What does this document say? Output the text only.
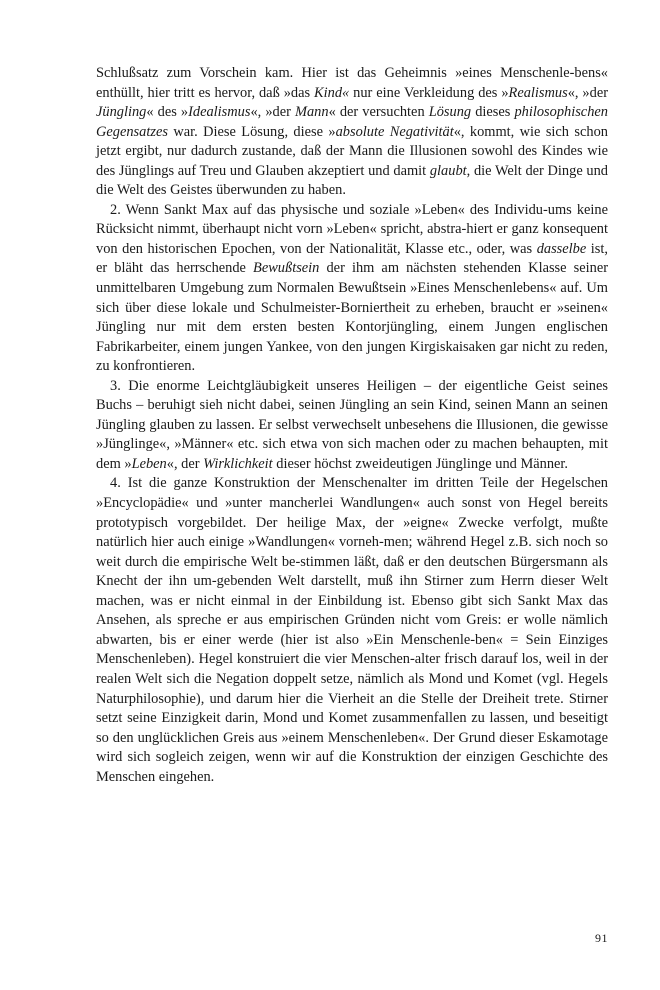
Schlußsatz zum Vorschein kam. Hier ist das Geheimnis »eines Menschenle-bens« enthüllt, hier tritt es hervor, daß »das Kind« nur eine Verkleidung des »Realismus«, »der Jüngling« des »Idealismus«, »der Mann« der versuchten Lösung dieses philosophischen Gegensatzes war. Diese Lösung, diese »absolute Negativität«, kommt, wie sich schon jetzt ergibt, nur dadurch zustande, daß der Mann die Illusionen sowohl des Kindes wie des Jünglings auf Treu und Glauben akzeptiert und damit glaubt, die Welt der Dinge und die Welt des Geistes überwunden zu haben.

2. Wenn Sankt Max auf das physische und soziale »Leben« des Individu-ums keine Rücksicht nimmt, überhaupt nicht vorn »Leben« spricht, abstra-hiert er ganz konsequent von den historischen Epochen, von der Nationalität, Klasse etc., oder, was dasselbe ist, er bläht das herrschende Bewußtsein der ihm am nächsten stehenden Klasse seiner unmittelbaren Umgebung zum Normalen Bewußtsein »Eines Menschenlebens« auf. Um sich über diese lokale und Schulmeister-Borniertheit zu erheben, braucht er »seinen« Jüngling nur mit dem ersten besten Kontorjüngling, einem Jungen englischen Fabrikarbeiter, einem jungen Yankee, von den jungen Kirgiskaisaken gar nicht zu reden, zu konfrontieren.

3. Die enorme Leichtgläubigkeit unseres Heiligen – der eigentliche Geist seines Buchs – beruhigt sieh nicht dabei, seinen Jüngling an sein Kind, seinen Mann an seinen Jüngling glauben zu lassen. Er selbst verwechselt unbesehens die Illusionen, die gewisse »Jünglinge«, »Männer« etc. sich etwa von sich machen oder zu machen behaupten, mit dem »Leben«, der Wirklichkeit dieser höchst zweideutigen Jünglinge und Männer.

4. Ist die ganze Konstruktion der Menschenalter im dritten Teile der Hegelschen »Encyclopädie« und »unter mancherlei Wandlungen« auch sonst von Hegel bereits prototypisch vorgebildet. Der heilige Max, der »eigne« Zwecke verfolgt, mußte natürlich hier auch einige »Wandlungen« vorneh-men; während Hegel z.B. sich noch so weit durch die empirische Welt be-stimmen läßt, daß er den deutschen Bürgersmann als Knecht der ihn um-gebenden Welt darstellt, muß ihn Stirner zum Herrn dieser Welt machen, was er nicht einmal in der Einbildung ist. Ebenso gibt sich Sankt Max das Ansehen, als spreche er aus empirischen Gründen nicht vom Greis: er wolle nämlich abwarten, bis er einer werde (hier ist also »Ein Menschenle-ben« = Sein Einziges Menschenleben). Hegel konstruiert die vier Menschen-alter frisch darauf los, weil in der realen Welt sich die Negation doppelt setze, nämlich als Mond und Komet (vgl. Hegels Naturphilosophie), und darum hier die Vierheit an die Stelle der Dreiheit trete. Stirner setzt seine Einzigkeit darin, Mond und Komet zusammenfallen zu lassen, und beseitigt so den unglücklichen Greis aus »einem Menschenleben«. Der Grund dieser Eskamotage wird sich sogleich zeigen, wenn wir auf die Konstruktion der einzigen Geschichte des Menschen eingehen.

91
